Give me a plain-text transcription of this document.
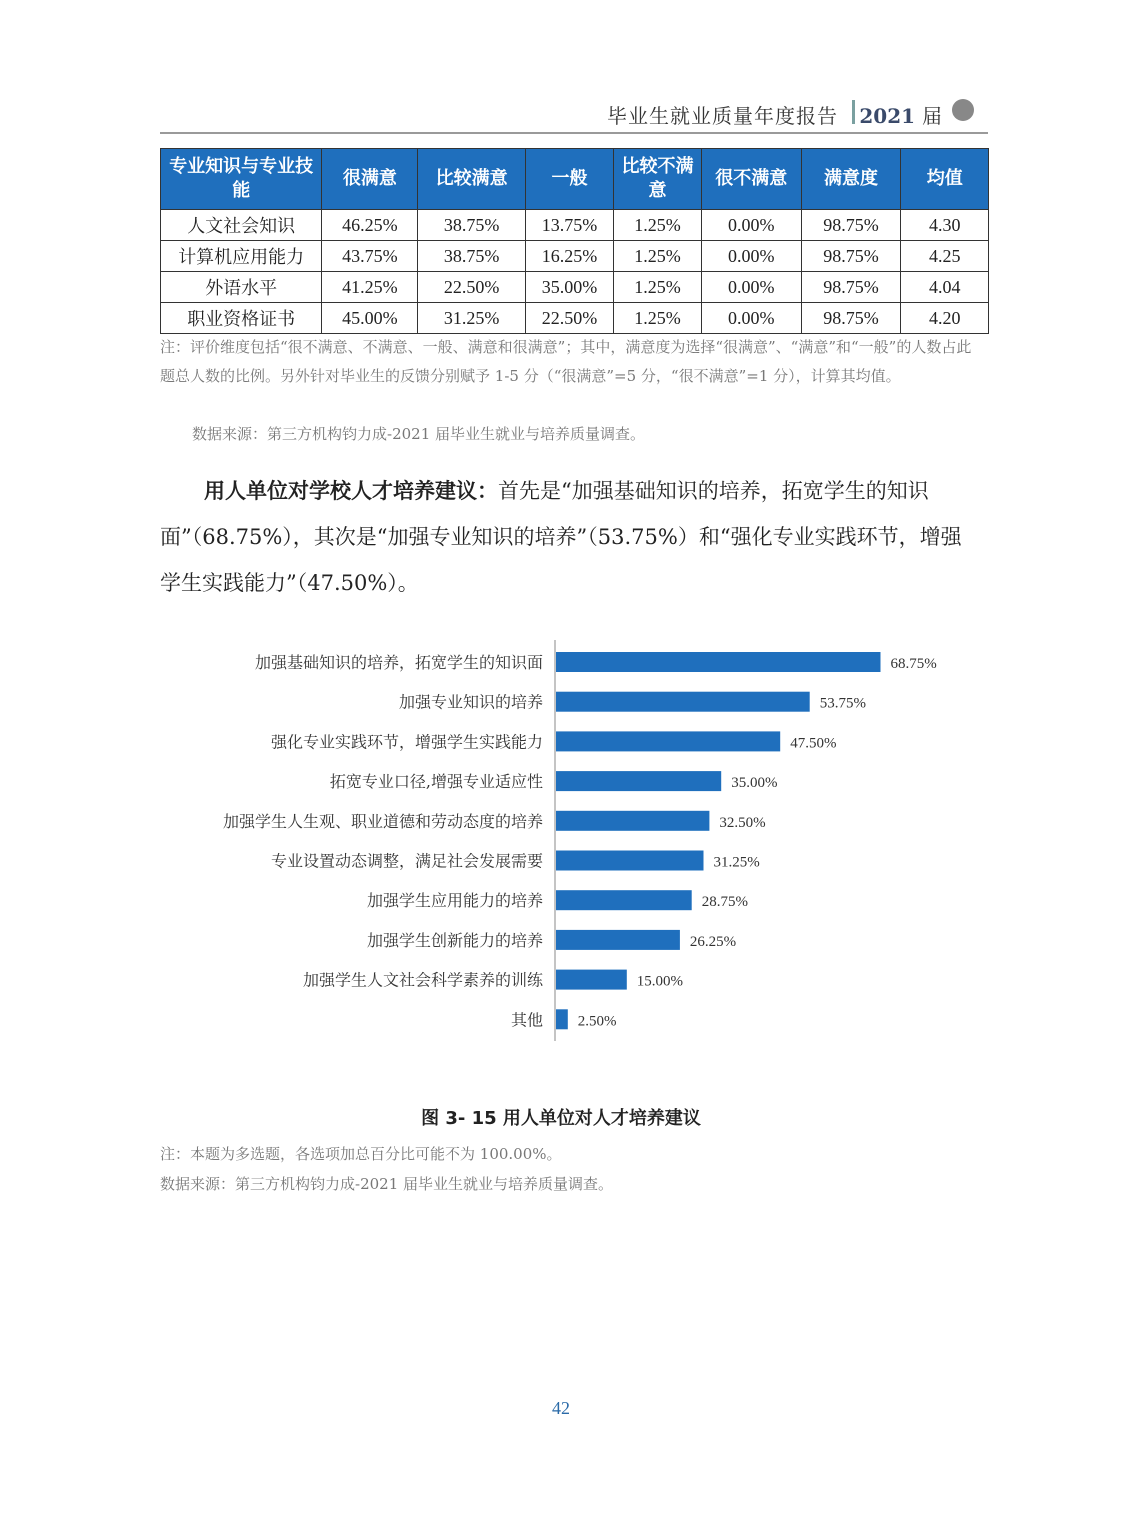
毕业生就业质量年度报告 2021 届
专业知识与专业技能	很满意	比较满意	一般	比较不满意	很不满意	满意度	均值
人文社会知识	46.25%	38.75%	13.75%	1.25%	0.00%	98.75%	4.30
计算机应用能力	43.75%	38.75%	16.25%	1.25%	0.00%	98.75%	4.25
外语水平	41.25%	22.50%	35.00%	1.25%	0.00%	98.75%	4.04
职业资格证书	45.00%	31.25%	22.50%	1.25%	0.00%	98.75%	4.20
注：评价维度包括“很不满意、不满意、一般、满意和很满意”；其中，满意度为选择“很满意”、“满意”和“一般”的人数占此题总人数的比例。另外针对毕业生的反馈分别赋予 1-5 分（“很满意”=5 分，“很不满意”=1 分），计算其均值。
数据来源：第三方机构钧力成-2021 届毕业生就业与培养质量调查。
用人单位对学校人才培养建议：首先是“加强基础知识的培养，拓宽学生的知识面”（68.75%），其次是“加强专业知识的培养”（53.75%）和“强化专业实践环节，增强学生实践能力”（47.50%）。
加强基础知识的培养，拓宽学生的知识面	68.75%
加强专业知识的培养	53.75%
强化专业实践环节，增强学生实践能力	47.50%
拓宽专业口径,增强专业适应性	35.00%
加强学生人生观、职业道德和劳动态度的培养	32.50%
专业设置动态调整，满足社会发展需要	31.25%
加强学生应用能力的培养	28.75%
加强学生创新能力的培养	26.25%
加强学生人文社会科学素养的训练	15.00%
其他 2.50%
图 3- 15 用人单位对人才培养建议
注：本题为多选题，各选项加总百分比可能不为 100.00%。
数据来源：第三方机构钧力成-2021 届毕业生就业与培养质量调查。
42
